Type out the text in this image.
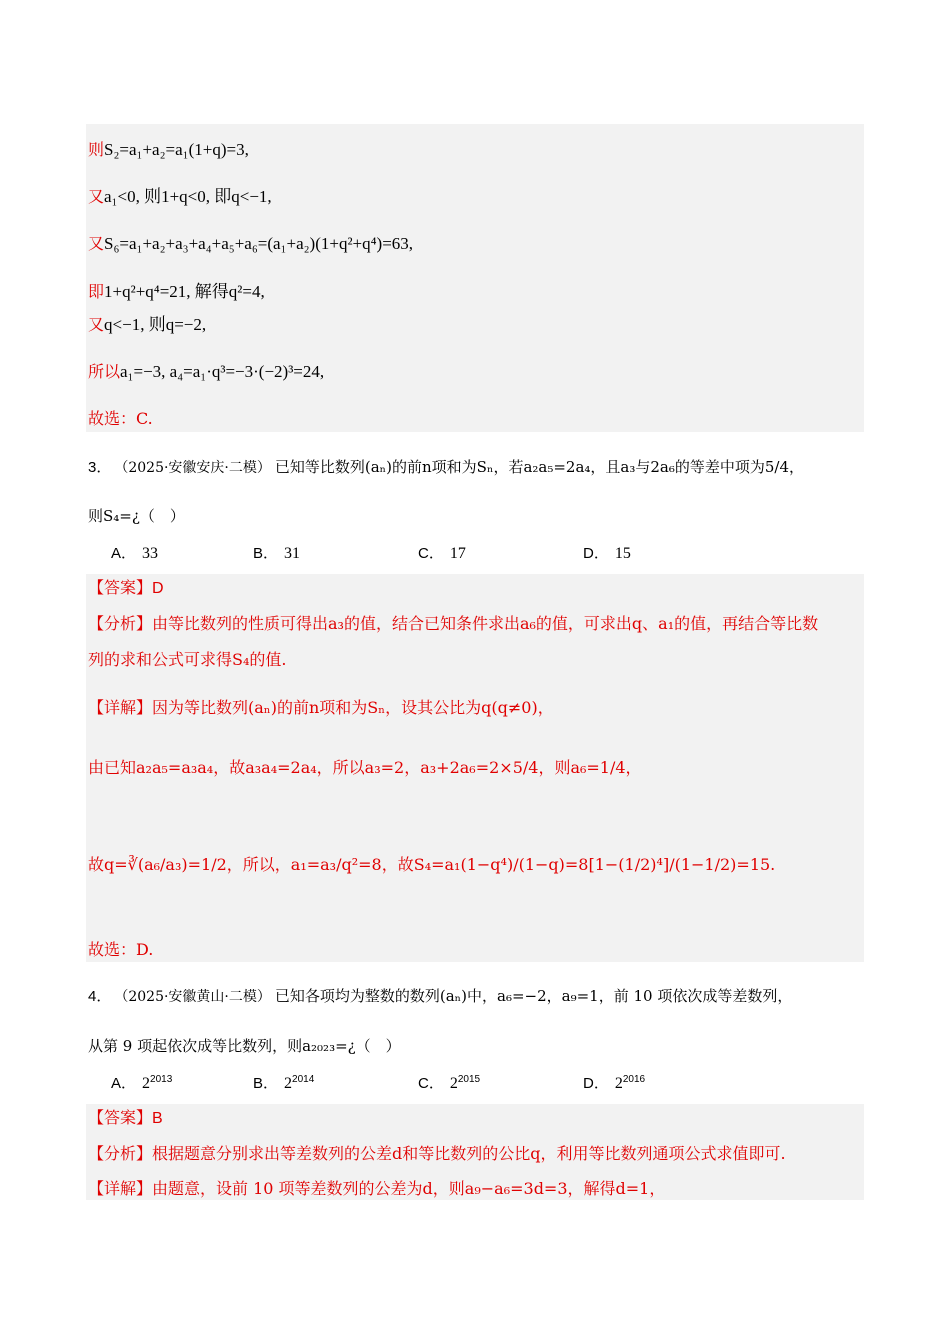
则S₂=a₁+a₂=a₁(1+q)=3,
又a₁<0, 则1+q<0, 即q<−1,
又S₆=a₁+a₂+a₃+a₄+a₅+a₆=(a₁+a₂)(1+q²+q⁴)=63,
即1+q²+q⁴=21, 解得q²=4,
又q<−1, 则q=−2,
所以a₁=−3, a₄=a₁·q³=−3·(−2)³=24,
故选：C.
3． （2025·安徽安庆·二模） 已知等比数列(aₙ)的前n项和为Sₙ，若a₂a₅=2a₄，且a₃与2a₆的等差中项为5/4，
则S₄=¿（　）
A． 33	B． 31	C． 17	D． 15
【答案】D
【分析】由等比数列的性质可得出a₃的值，结合已知条件求出a₆的值，可求出q、a₁的值，再结合等比数
列的求和公式可求得S₄的值.
【详解】因为等比数列(aₙ)的前n项和为Sₙ，设其公比为q(q≠0)，
由已知a₂a₅=a₃a₄，故a₃a₄=2a₄，所以a₃=2，a₃+2a₆=2×5/4，则a₆=1/4，
故q=∛(a₆/a₃)=1/2，所以，a₁=a₃/q²=8，故S₄=a₁(1−q⁴)/(1−q)=8[1−(1/2)⁴]/(1−1/2)=15.
故选：D.
4． （2025·安徽黄山·二模） 已知各项均为整数的数列(aₙ)中，a₆=−2，a₉=1，前 10 项依次成等差数列，
从第 9 项起依次成等比数列，则a₂₀₂₃=¿（　）
A． $2^{2013}$	B． $2^{2014}$	C． $2^{2015}$	D． $2^{2016}$
【答案】B
【分析】根据题意分别求出等差数列的公差d和等比数列的公比q，利用等比数列通项公式求值即可.
【详解】由题意，设前 10 项等差数列的公差为d，则a₉−a₆=3d=3，解得d=1，
